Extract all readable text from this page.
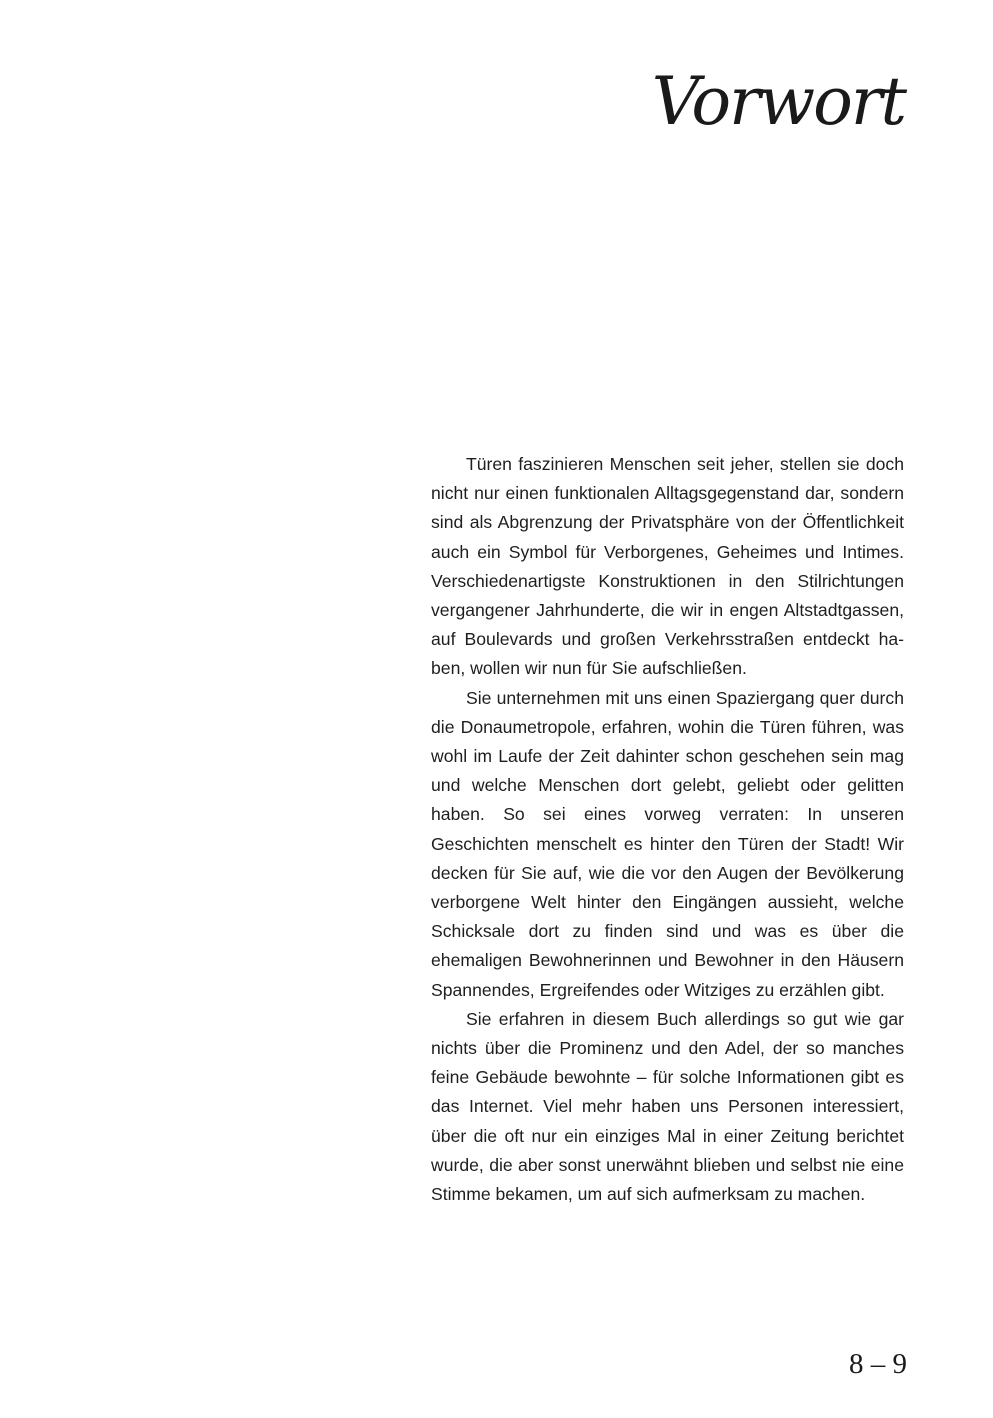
Vorwort

Türen faszinieren Menschen seit jeher, stellen sie doch nicht nur einen funktionalen Alltagsgegenstand dar, sondern sind als Abgrenzung der Privatsphäre von der Öffentlichkeit auch ein Symbol für Verborgenes, Geheimes und Intimes. Verschiedenartigste Konstruktionen in den Stilrichtungen vergangener Jahrhunderte, die wir in engen Altstadtgassen, auf Boulevards und großen Verkehrsstraßen entdeckt haben, wollen wir nun für Sie aufschließen.

Sie unternehmen mit uns einen Spaziergang quer durch die Donaumetropole, erfahren, wohin die Türen führen, was wohl im Laufe der Zeit dahinter schon geschehen sein mag und welche Menschen dort gelebt, geliebt oder gelitten haben. So sei eines vorweg verraten: In unseren Geschichten menschelt es hinter den Türen der Stadt! Wir decken für Sie auf, wie die vor den Augen der Bevölkerung verborgene Welt hinter den Eingängen aussieht, welche Schicksale dort zu finden sind und was es über die ehemaligen Bewohnerinnen und Bewohner in den Häusern Spannendes, Ergreifendes oder Witziges zu erzählen gibt.

Sie erfahren in diesem Buch allerdings so gut wie gar nichts über die Prominenz und den Adel, der so manches feine Gebäude bewohnte – für solche Informationen gibt es das Internet. Viel mehr haben uns Personen interessiert, über die oft nur ein einziges Mal in einer Zeitung berichtet wurde, die aber sonst unerwähnt blieben und selbst nie eine Stimme bekamen, um auf sich aufmerksam zu machen.

8 – 9
